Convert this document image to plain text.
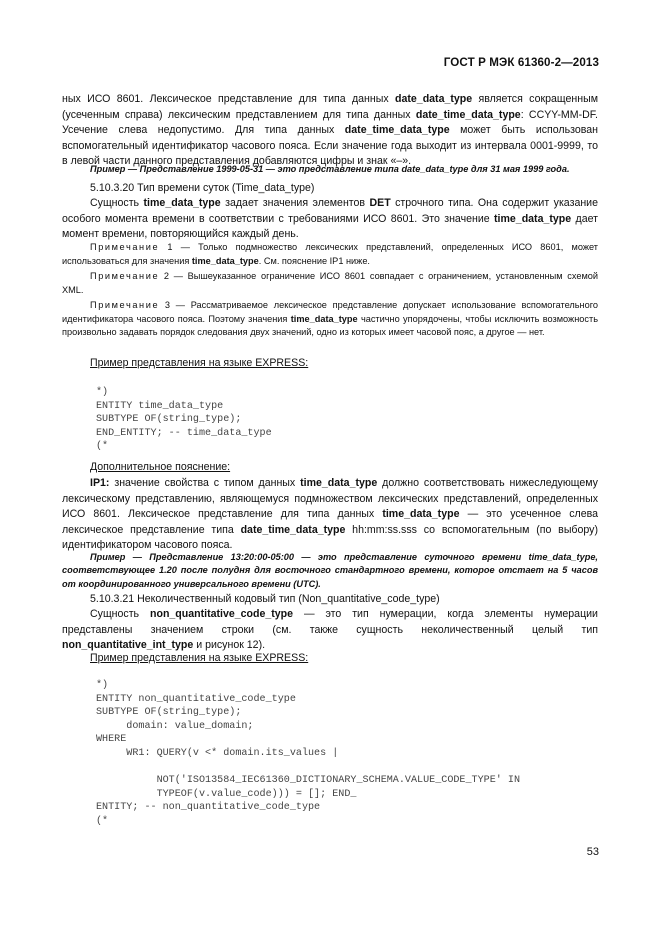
ГОСТ Р МЭК 61360-2—2013

ных ИСО 8601. Лексическое представление для типа данных date_data_type является сокращенным (усеченным справа) лексическим представлением для типа данных date_time_data_type: CCYY-MM-DF. Усечение слева недопустимо. Для типа данных date_time_data_type может быть использован вспомогательный идентификатор часового пояса. Если значение года выходит из интервала 0001-9999, то в левой части данного представления добавляются цифры и знак «–».

Пример — Представление 1999-05-31 — это представление типа date_data_type для 31 мая 1999 года.

5.10.3.20 Тип времени суток (Time_data_type)

Сущность time_data_type задает значения элементов DET строчного типа. Она содержит указание особого момента времени в соответствии с требованиями ИСО 8601. Это значение time_data_type дает момент времени, повторяющийся каждый день.

Примечание 1 — Только подмножество лексических представлений, определенных ИСО 8601, может использоваться для значения time_data_type. См. пояснение IP1 ниже.

Примечание 2 — Вышеуказанное ограничение ИСО 8601 совпадает с ограничением, установленным схемой XML.

Примечание 3 — Рассматриваемое лексическое представление допускает использование вспомогательного идентификатора часового пояса. Поэтому значения time_data_type частично упорядочены, чтобы исключить возможность произвольно задавать порядок следования двух значений, одно из которых имеет часовой пояс, а другое — нет.

Пример представления на языке EXPRESS:
*)
ENTITY time_data_type
SUBTYPE OF(string_type);
END_ENTITY; -- time_data_type
(*
Дополнительное пояснение:

IP1: значение свойства с типом данных time_data_type должно соответствовать нижеследующему лексическому представлению, являющемуся подмножеством лексических представлений, определенных ИСО 8601. Лексическое представление для типа данных time_data_type — это усеченное слева лексическое представление типа date_time_data_type hh:mm:ss.sss со вспомогательным (по выбору) идентификатором часового пояса.

Пример — Представление 13:20:00-05:00 — это представление суточного времени time_data_type, соответствующее 1.20 после полудня для восточного стандартного времени, которое отстает на 5 часов от координированного универсального времени (UTC).

5.10.3.21 Неколичественный кодовый тип (Non_quantitative_code_type)

Сущность non_quantitative_code_type — это тип нумерации, когда элементы нумерации представлены значением строки (см. также сущность неколичественный целый тип non_quantitative_int_type и рисунок 12).

Пример представления на языке EXPRESS:
*)
ENTITY non_quantitative_code_type
SUBTYPE OF(string_type);
domain: value_domain;
WHERE
WR1: QUERY(v <* domain.its_values |

NOT('ISO13584_IEC61360_DICTIONARY_SCHEMA.VALUE_CODE_TYPE' IN
TYPEOF(v.value_code))) = []; END_
ENTITY; -- non_quantitative_code_type
(*
53
